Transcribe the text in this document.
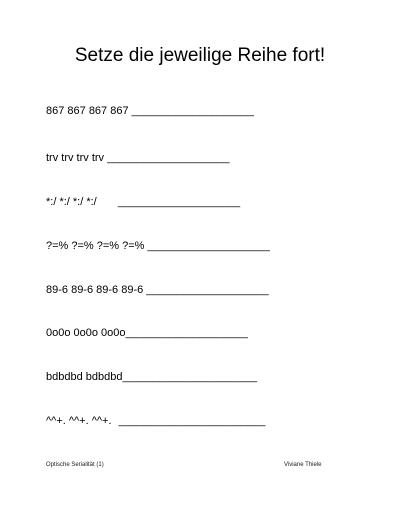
Setze die jeweilige Reihe fort!
867 867 867 867 ____________________
trv trv trv trv ____________________
*:/ *:/ *:/ *:/ ____________________
?=% ?=% ?=% ?=% ____________________
89-6 89-6 89-6 89-6 ____________________
0o0o 0o0o 0o0o____________________
bdbdbd bdbdbd______________________
^^+. ^^+. ^^+. ________________________
Optische Serialität (1)	Viviane Thiele
